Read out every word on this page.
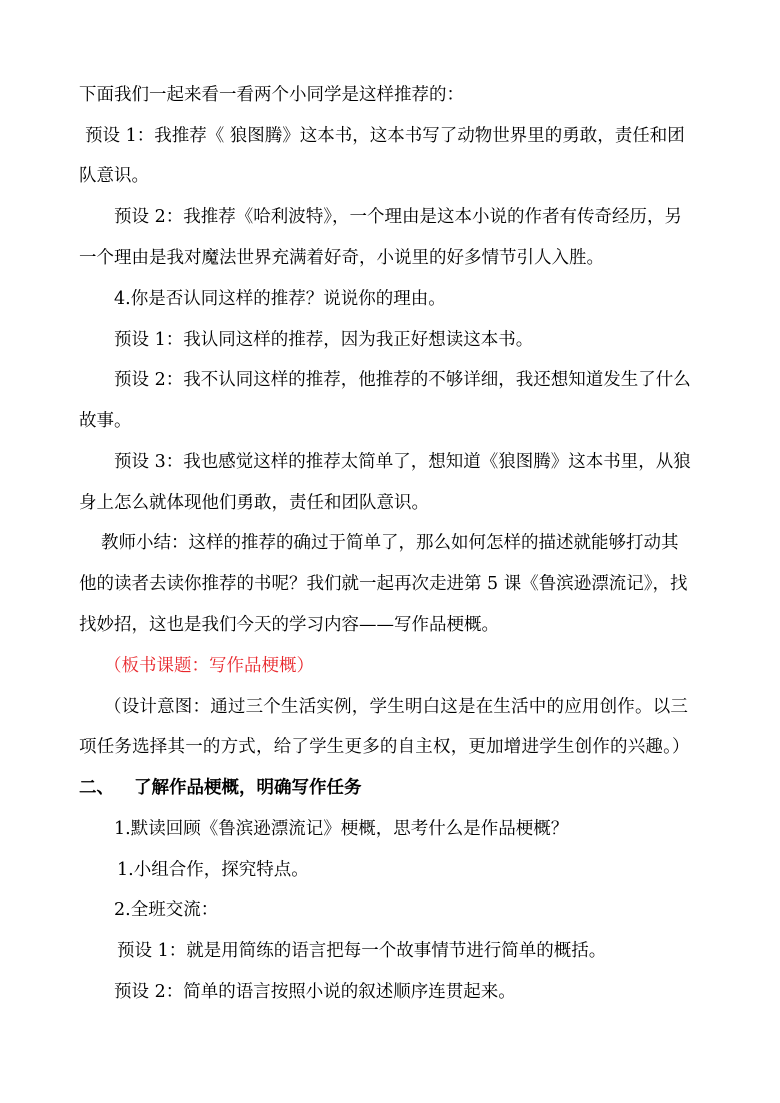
下面我们一起来看一看两个小同学是这样推荐的：
预设 1：我推荐《 狼图腾》这本书，这本书写了动物世界里的勇敢，责任和团
队意识。
预设 2：我推荐《哈利波特》，一个理由是这本小说的作者有传奇经历，另
一个理由是我对魔法世界充满着好奇，小说里的好多情节引人入胜。
4.你是否认同这样的推荐？说说你的理由。
预设 1：我认同这样的推荐，因为我正好想读这本书。
预设 2：我不认同这样的推荐，他推荐的不够详细，我还想知道发生了什么
故事。
预设 3：我也感觉这样的推荐太简单了，想知道《狼图腾》这本书里，从狼
身上怎么就体现他们勇敢，责任和团队意识。
教师小结：这样的推荐的确过于简单了，那么如何怎样的描述就能够打动其
他的读者去读你推荐的书呢？我们就一起再次走进第 5 课《鲁滨逊漂流记》，找
找妙招，这也是我们今天的学习内容——写作品梗概。
（板书课题：写作品梗概）
（设计意图：通过三个生活实例，学生明白这是在生活中的应用创作。以三
项任务选择其一的方式，给了学生更多的自主权，更加增进学生创作的兴趣。）
二、 了解作品梗概，明确写作任务
1.默读回顾《鲁滨逊漂流记》梗概，思考什么是作品梗概？
1.小组合作，探究特点。
2.全班交流：
预设 1：就是用简练的语言把每一个故事情节进行简单的概括。
预设 2：简单的语言按照小说的叙述顺序连贯起来。
